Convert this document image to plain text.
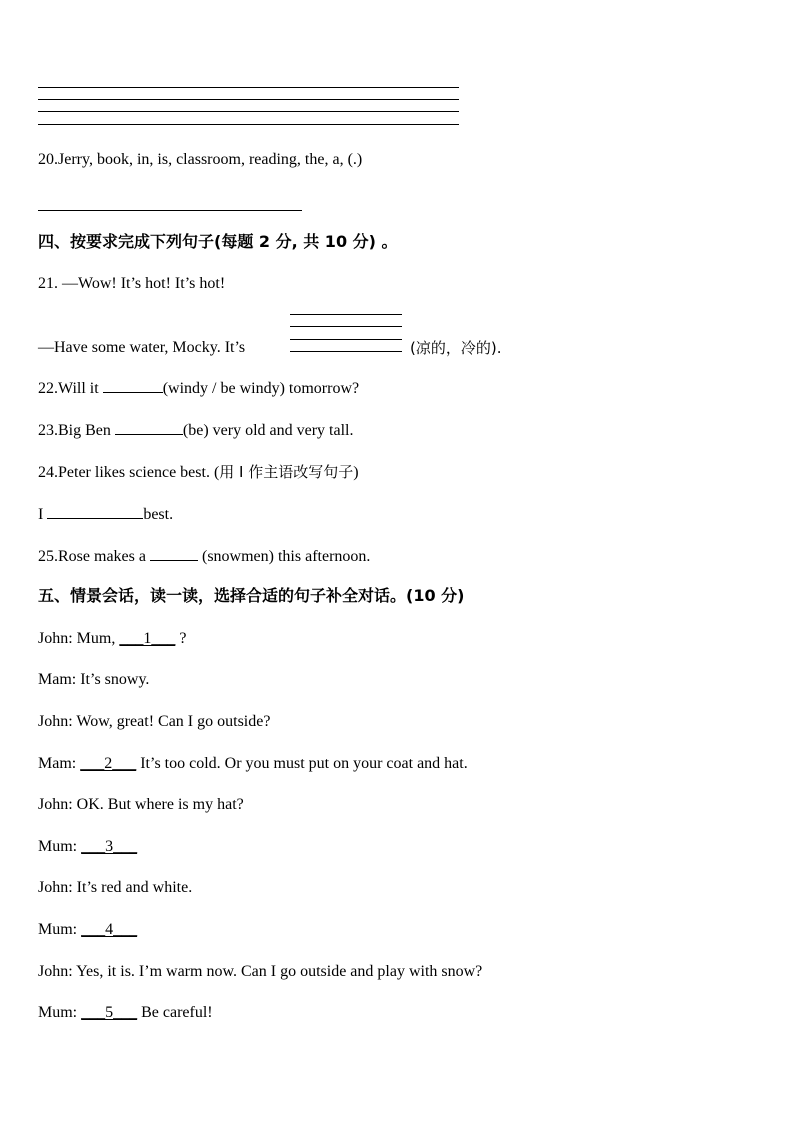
20.Jerry, book, in, is, classroom, reading, the, a, (.)
四、按要求完成下列句子(每题 2 分, 共 10 分) 。
21. —Wow! It’s hot! It’s hot!
—Have some water, Mocky. It’s	(凉的，冷的).
22.Will it	(windy / be windy) tomorrow?
23.Big Ben	(be) very old and very tall.
24.Peter likes science best. (用 I 作主语改写句子)
I	best.
25.Rose makes a	(snowmen) this afternoon.
五、情景会话，读一读，选择合适的句子补全对话。(10 分)
John: Mum, ___1___ ?
Mam: It’s snowy.
John: Wow, great! Can I go outside?
Mam: ___2___ It’s too cold. Or you must put on your coat and hat.
John: OK. But where is my hat?
Mum: ___3___
John: It’s red and white.
Mum: ___4___
John: Yes, it is. I’m warm now. Can I go outside and play with snow?
Mum: ___5___ Be careful!
